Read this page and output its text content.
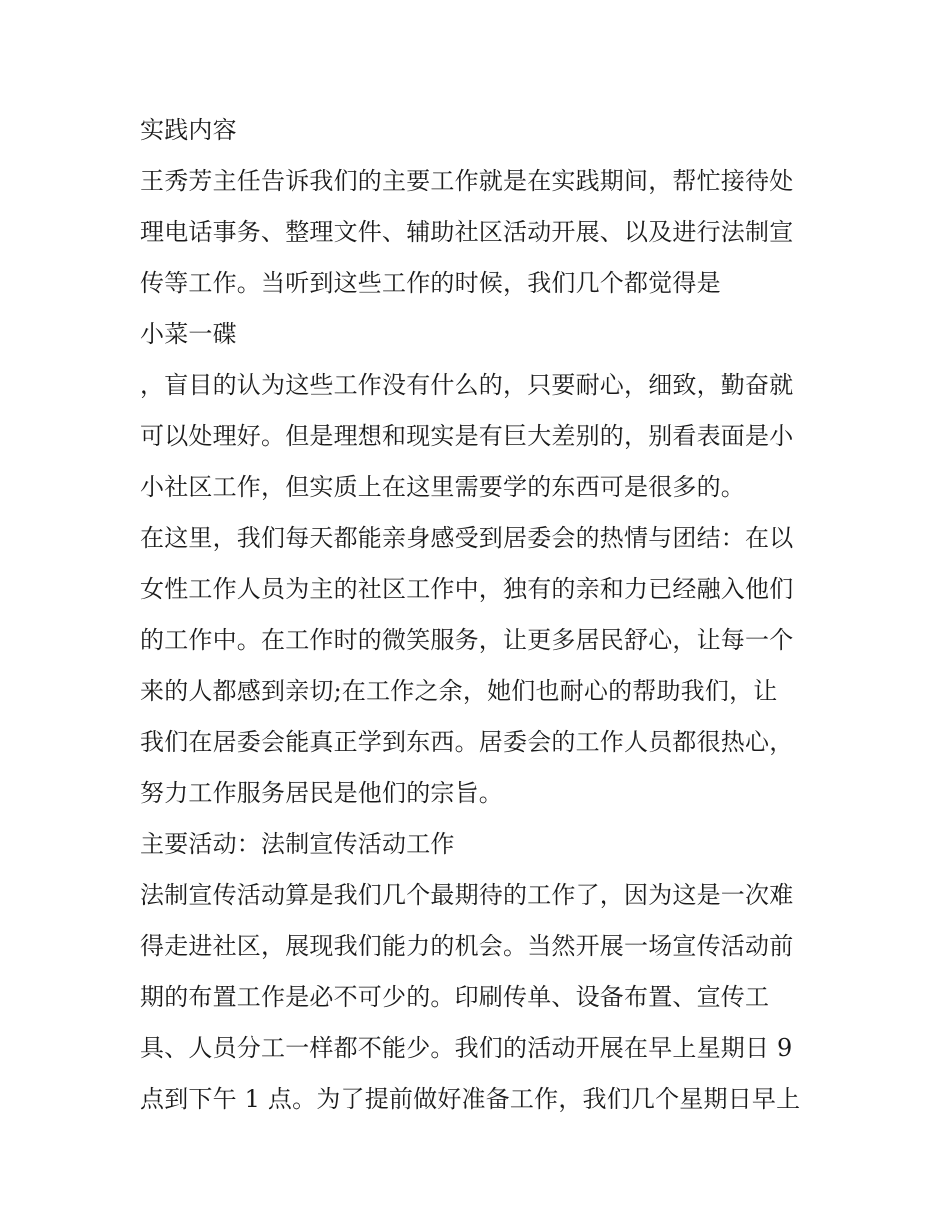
实践内容
王秀芳主任告诉我们的主要工作就是在实践期间，帮忙接待处
理电话事务、整理文件、辅助社区活动开展、以及进行法制宣
传等工作。当听到这些工作的时候，我们几个都觉得是
小菜一碟
，盲目的认为这些工作没有什么的，只要耐心，细致，勤奋就
可以处理好。但是理想和现实是有巨大差别的，别看表面是小
小社区工作，但实质上在这里需要学的东西可是很多的。
在这里，我们每天都能亲身感受到居委会的热情与团结：在以
女性工作人员为主的社区工作中，独有的亲和力已经融入他们
的工作中。在工作时的微笑服务，让更多居民舒心，让每一个
来的人都感到亲切;在工作之余，她们也耐心的帮助我们，让
我们在居委会能真正学到东西。居委会的工作人员都很热心，
努力工作服务居民是他们的宗旨。
主要活动：法制宣传活动工作
法制宣传活动算是我们几个最期待的工作了，因为这是一次难
得走进社区，展现我们能力的机会。当然开展一场宣传活动前
期的布置工作是必不可少的。印刷传单、设备布置、宣传工
具、人员分工一样都不能少。我们的活动开展在早上星期日 9
点到下午 1 点。为了提前做好准备工作，我们几个星期日早上
